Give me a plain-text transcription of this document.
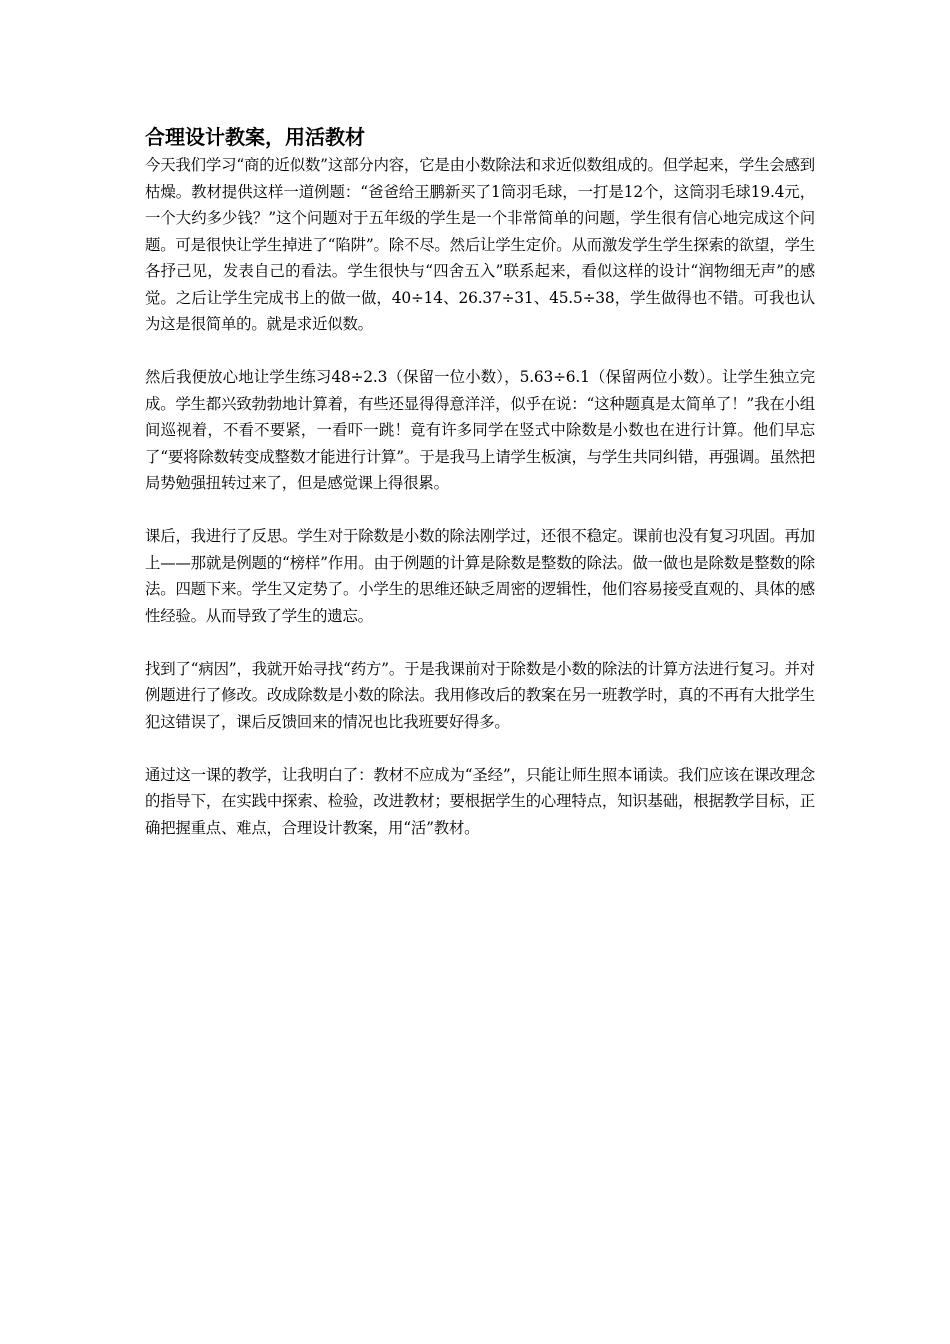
合理设计教案，用活教材

今天我们学习“商的近似数”这部分内容，它是由小数除法和求近似数组成的。但学起来，学生会感到枯燥。教材提供这样一道例题：“爸爸给王鹏新买了1筒羽毛球，一打是12个，这筒羽毛球19.4元，一个大约多少钱？”这个问题对于五年级的学生是一个非常简单的问题，学生很有信心地完成这个问题。可是很快让学生掉进了“陷阱”。除不尽。然后让学生定价。从而激发学生学生探索的欲望，学生各抒己见，发表自己的看法。学生很快与“四舍五入”联系起来，看似这样的设计“润物细无声”的感觉。之后让学生完成书上的做一做，40÷14、26.37÷31、45.5÷38，学生做得也不错。可我也认为这是很简单的。就是求近似数。

然后我便放心地让学生练习48÷2.3（保留一位小数），5.63÷6.1（保留两位小数）。让学生独立完成。学生都兴致勃勃地计算着，有些还显得得意洋洋，似乎在说：“这种题真是太简单了！”我在小组间巡视着，不看不要紧，一看吓一跳！竟有许多同学在竖式中除数是小数也在进行计算。他们早忘了“要将除数转变成整数才能进行计算”。于是我马上请学生板演，与学生共同纠错，再强调。虽然把局势勉强扭转过来了，但是感觉课上得很累。

课后，我进行了反思。学生对于除数是小数的除法刚学过，还很不稳定。课前也没有复习巩固。再加上——那就是例题的“榜样”作用。由于例题的计算是除数是整数的除法。做一做也是除数是整数的除法。四题下来。学生又定势了。小学生的思维还缺乏周密的逻辑性，他们容易接受直观的、具体的感性经验。从而导致了学生的遗忘。

找到了“病因”，我就开始寻找“药方”。于是我课前对于除数是小数的除法的计算方法进行复习。并对例题进行了修改。改成除数是小数的除法。我用修改后的教案在另一班教学时，真的不再有大批学生犯这错误了，课后反馈回来的情况也比我班要好得多。

通过这一课的教学，让我明白了：教材不应成为“圣经”，只能让师生照本诵读。我们应该在课改理念的指导下，在实践中探索、检验，改进教材；要根据学生的心理特点，知识基础，根据教学目标，正确把握重点、难点，合理设计教案，用“活”教材。
